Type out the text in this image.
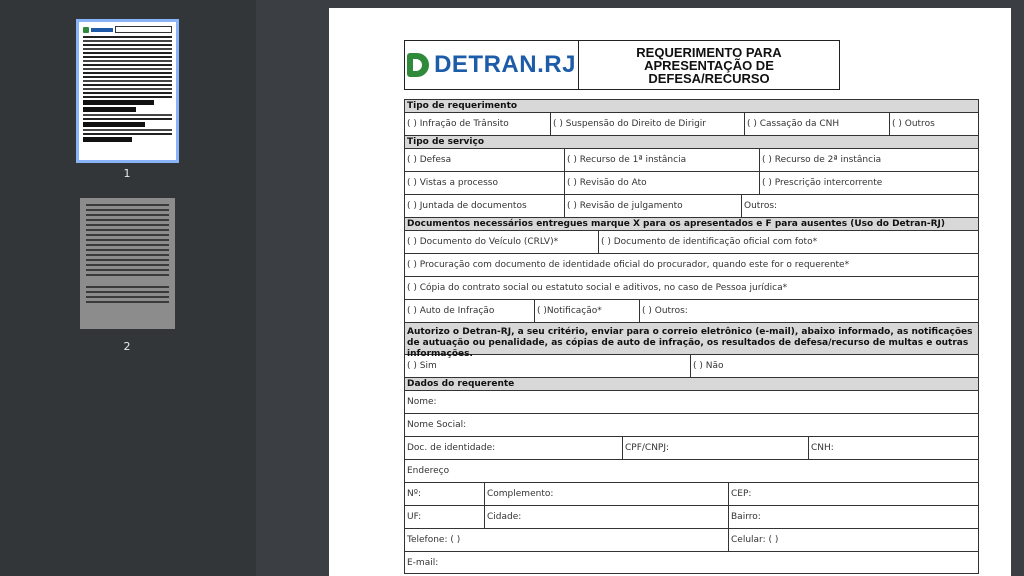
1
2
DETRAN.RJ	REQUERIMENTO PARA
APRESENTAÇÃO DE
DEFESA/RECURSO
Tipo de requerimento
( ) Infração de Trânsito	( ) Suspensão do Direito de Dirigir	( ) Cassação da CNH	( ) Outros
Tipo de serviço
( ) Defesa	( ) Recurso de 1ª instância	( ) Recurso de 2ª instância
( ) Vistas a processo	( ) Revisão do Ato	( ) Prescrição intercorrente
( ) Juntada de documentos	( ) Revisão de julgamento	Outros:
Documentos necessários entregues marque X para os apresentados e F para ausentes (Uso do Detran-RJ)
( ) Documento do Veículo (CRLV)*	( ) Documento de identificação oficial com foto*
( ) Procuração com documento de identidade oficial do procurador, quando este for o requerente*
( ) Cópia do contrato social ou estatuto social e aditivos, no caso de Pessoa jurídica*
( ) Auto de Infração	( )Notificação*	( ) Outros:
Autorizo o Detran-RJ, a seu critério, enviar para o correio eletrônico (e-mail), abaixo informado, as notificações de autuação ou penalidade, as cópias de auto de infração, os resultados de defesa/recurso de multas e outras informações.
( ) Sim	( ) Não
Dados do requerente
Nome:
Nome Social:
Doc. de identidade:	CPF/CNPJ:	CNH:
Endereço
Nº:	Complemento:	CEP:
UF:	Cidade:	Bairro:
Telefone: ( )	Celular: ( )
E-mail:
